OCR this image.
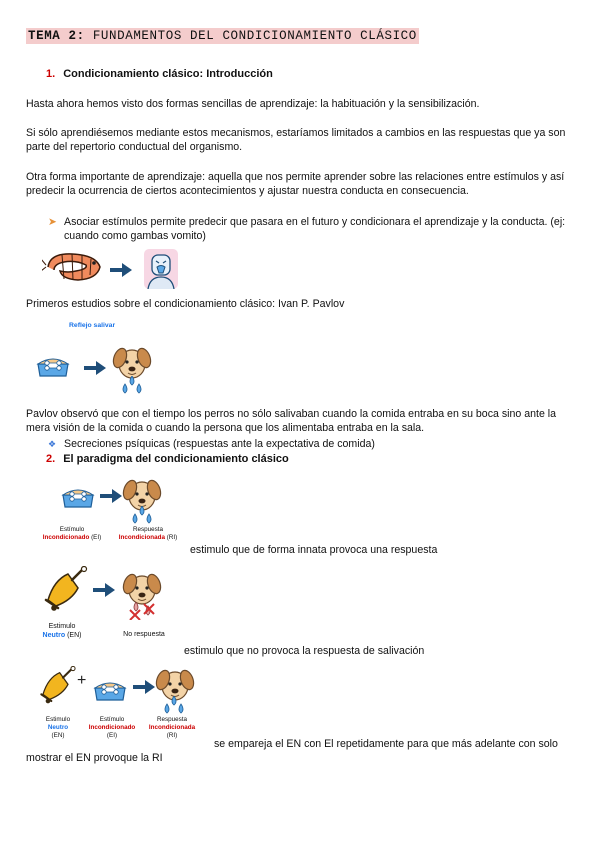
TEMA 2: FUNDAMENTOS DEL CONDICIONAMIENTO CLÁSICO
1. Condicionamiento clásico: Introducción
Hasta ahora hemos visto dos formas sencillas de aprendizaje: la habituación y la sensibilización.
Si sólo aprendiésemos mediante estos mecanismos, estaríamos limitados a cambios en las respuestas que ya son parte del repertorio conductual del organismo.
Otra forma importante de aprendizaje: aquella que nos permite aprender sobre las relaciones entre estímulos y así predecir la ocurrencia de ciertos acontecimientos y ajustar nuestra conducta en consecuencia.
➤ Asociar estímulos permite predecir que pasara en el futuro y condicionara el aprendizaje y la conducta. (ej: cuando como gambas vomito)
Primeros estudios sobre el condicionamiento clásico: Ivan P. Pavlov
Reflejo salivar
Pavlov observó que con el tiempo los perros no sólo salivaban cuando la comida entraba en su boca sino ante la mera visión de la comida o cuando la persona que los alimentaba entraba en la sala.
❖ Secreciones psíquicas (respuestas ante la expectativa de comida)
2. El paradigma del condicionamiento clásico
Estímulo
Incondicionado (EI)
Respuesta
Incondicionada (RI)
estimulo que de forma innata provoca una respuesta
Estimulo
Neutro (EN)	No respuesta
estimulo que no provoca la respuesta de salivación
+
Estimulo
Neutro
(EN)
Estímulo
Incondicionado
(EI)
Respuesta
Incondicionada
(RI)
se empareja el EN con El repetidamente para que más adelante con solo
mostrar el EN provoque la RI
